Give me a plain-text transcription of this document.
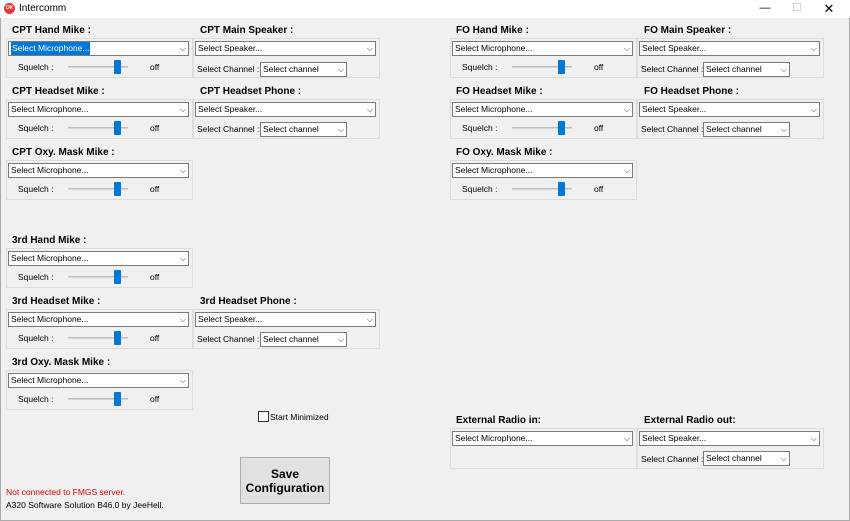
OK Intercomm	—	☐	✕
CPT Hand Mike :
Select Microphone...	⌵
Squelch :	off
CPT Main Speaker :
Select Speaker...	⌵
Select Channel : Select channel ⌵
CPT Headset Mike :
Select Microphone...	⌵
Squelch :	off
CPT Headset Phone :
Select Speaker...	⌵
Select Channel : Select channel ⌵
CPT Oxy. Mask Mike :
Select Microphone...	⌵
Squelch :	off
FO Hand Mike :
Select Microphone...	⌵
Squelch :	off
FO Main Speaker :
Select Speaker...	⌵
Select Channel : Select channel ⌵
FO Headset Mike :
Select Microphone...	⌵
Squelch :	off
FO Headset Phone :
Select Speaker...	⌵
Select Channel : Select channel ⌵
FO Oxy. Mask Mike :
Select Microphone...	⌵
Squelch :	off
3rd Hand Mike :
Select Microphone...	⌵
Squelch :	off
3rd Headset Mike :
Select Microphone...	⌵
Squelch :	off
3rd Headset Phone :
Select Speaker...	⌵
Select Channel : Select channel ⌵
3rd Oxy. Mask Mike :
Select Microphone...	⌵
Squelch :	off
Start Minimized	External Radio in:
Select Microphone...	⌵
External Radio out:
Select Speaker...	⌵
Select Channel : Select channel ⌵
Save
Configuration
Not connected to FMGS server.
A320 Software Solution B46.0 by JeeHell.
